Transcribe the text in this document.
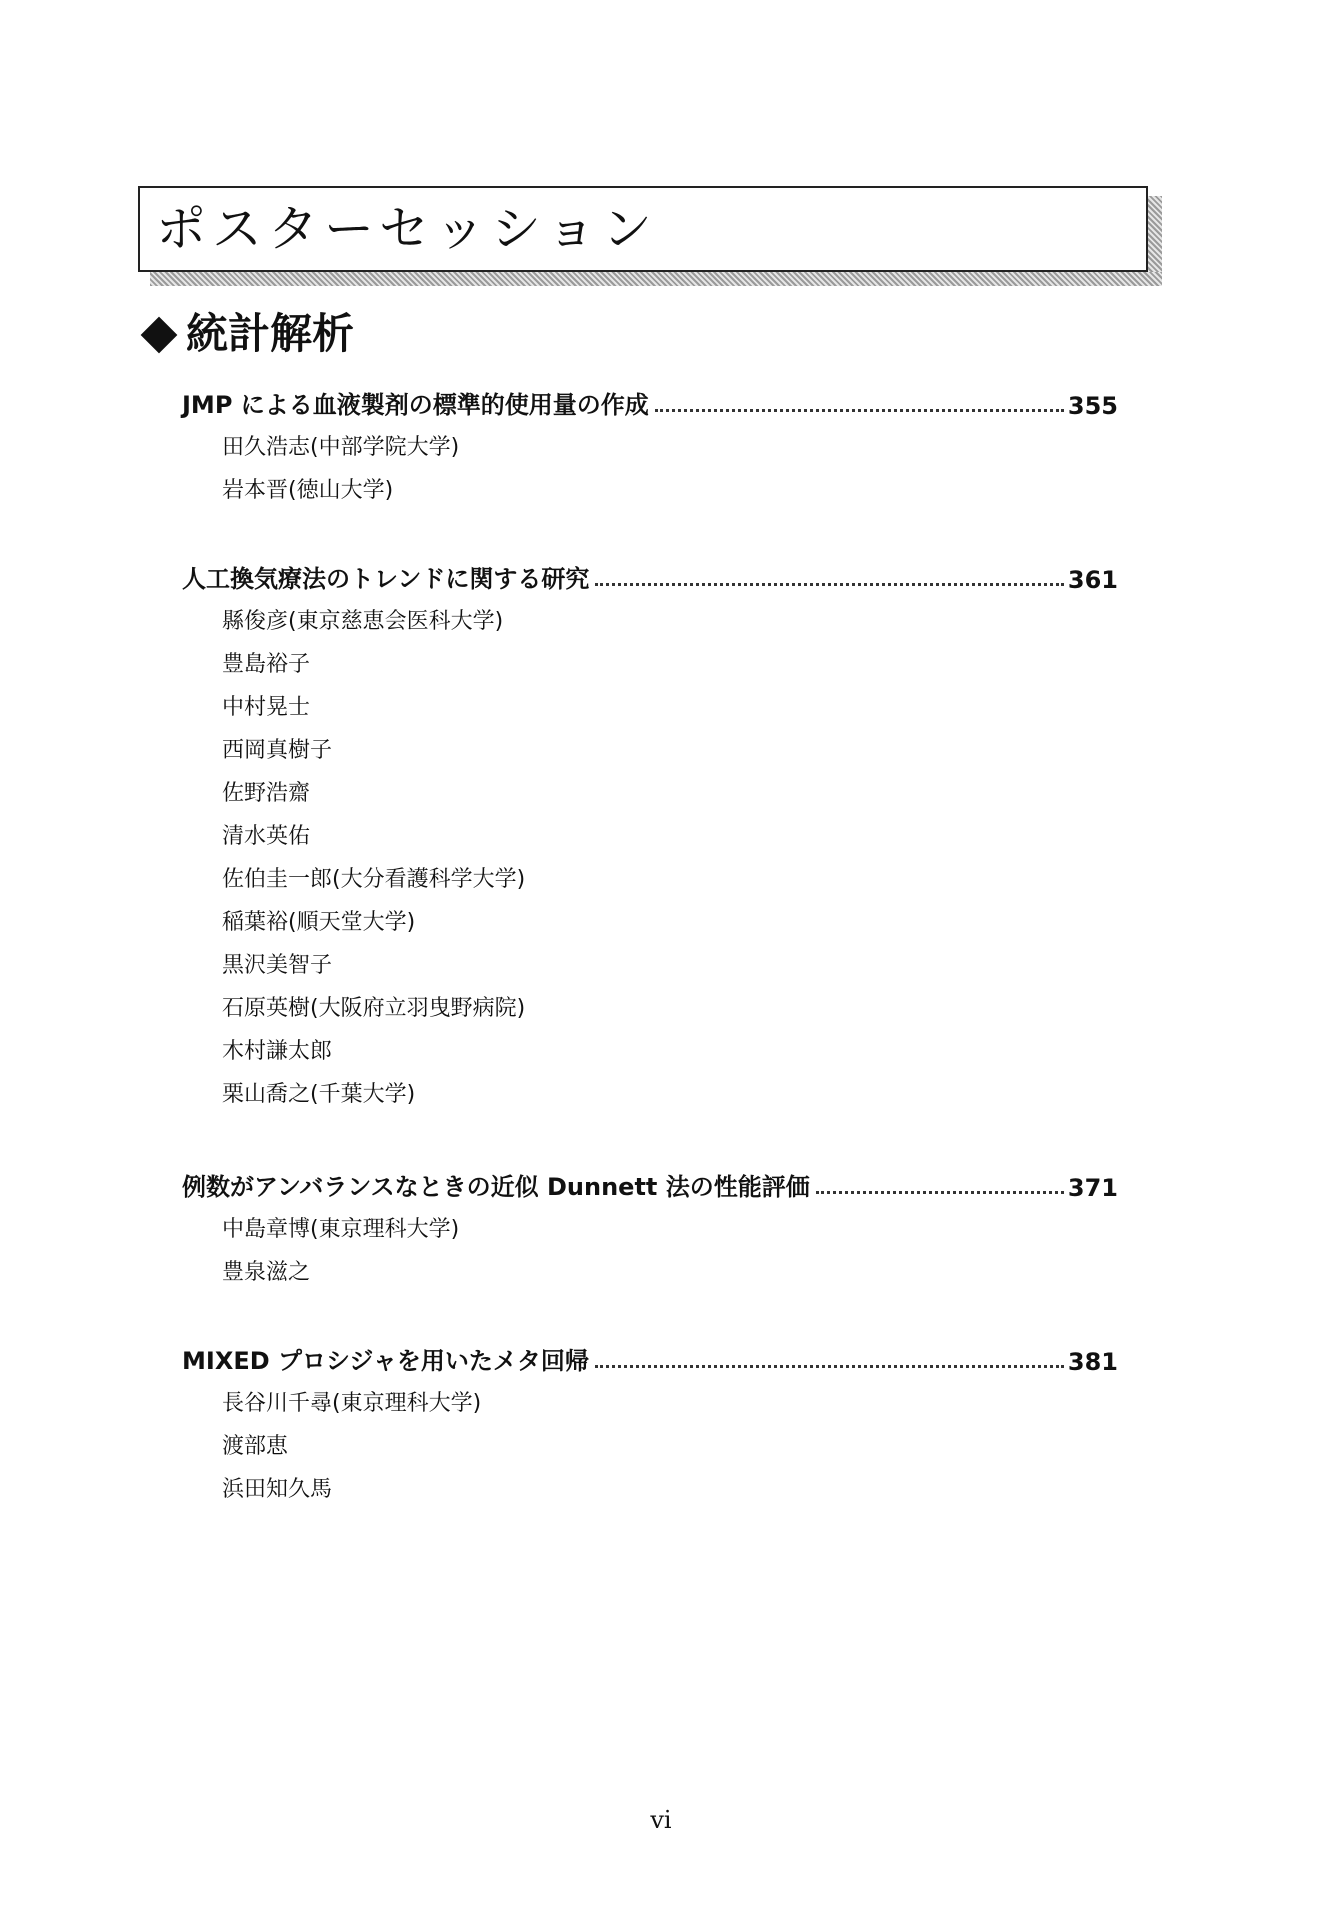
ポスターセッション
統計解析
JMP による血液製剤の標準的使用量の作成	355
田久浩志(中部学院大学)
岩本晋(徳山大学)
人工換気療法のトレンドに関する研究	361
縣俊彦(東京慈恵会医科大学)
豊島裕子
中村晃士
西岡真樹子
佐野浩齋
清水英佑
佐伯圭一郎(大分看護科学大学)
稲葉裕(順天堂大学)
黒沢美智子
石原英樹(大阪府立羽曳野病院)
木村謙太郎
栗山喬之(千葉大学)
例数がアンバランスなときの近似 Dunnett 法の性能評価	371
中島章博(東京理科大学)
豊泉滋之
MIXED プロシジャを用いたメタ回帰	381
長谷川千尋(東京理科大学)
渡部恵
浜田知久馬
vi
